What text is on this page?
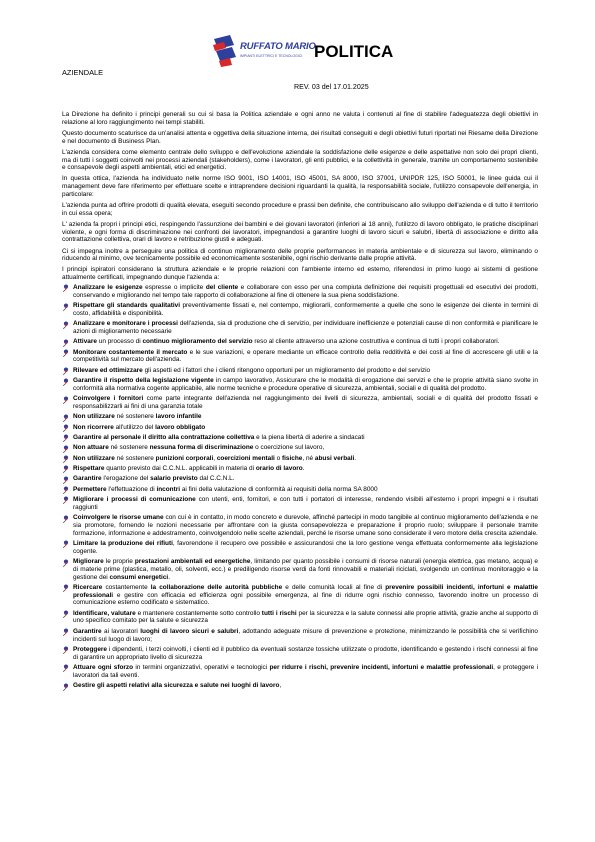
RUFFATO MARIO
IMPIANTI ELETTRICI E TECNOLOGICI POLITICA
AZIENDALE
REV. 03 del 17.01.2025

La Direzione ha definito i principi generali su cui si basa la Politica aziendale e ogni anno ne valuta i contenuti al fine di stabilire l'adeguatezza degli obiettivi in relazione al loro raggiungimento nei tempi stabiliti.

Questo documento scaturisce da un'analisi attenta e oggettiva della situazione interna, dei risultati conseguiti e degli obiettivi futuri riportati nei Riesame della Direzione e nel documento di Business Plan.

L'azienda considera come elemento centrale dello sviluppo e dell'evoluzione aziendale la soddisfazione delle esigenze e delle aspettative non solo dei propri clienti, ma di tutti i soggetti coinvolti nei processi aziendali (stakeholders), come i lavoratori, gli enti pubblici, e la collettività in generale, tramite un comportamento sostenibile e consapevole degli aspetti ambientali, etici ed energetici.

In questa ottica, l'azienda ha individuato nelle norme ISO 9001, ISO 14001, ISO 45001, SA 8000, ISO 37001, UNIPDR 125, ISO 50001, le linee guida cui il management deve fare riferimento per effettuare scelte e intraprendere decisioni riguardanti la qualità, la responsabilità sociale, l'utilizzo consapevole dell'energia, in particolare:

L'azienda punta ad offrire prodotti di qualità elevata, eseguiti secondo procedure e prassi ben definite, che contribuiscano allo sviluppo dell'azienda e di tutto il territorio in cui essa opera;

L' azienda fa propri i principi etici, respingendo l'assunzione dei bambini e dei giovani lavoratori (inferiori ai 18 anni), l'utilizzo di lavoro obbligato, le pratiche disciplinari violente, e ogni forma di discriminazione nei confronti dei lavoratori, impegnandosi a garantire luoghi di lavoro sicuri e salubri, libertà di associazione e diritto alla contrattazione collettiva, orari di lavoro e retribuzione giusti e adeguati.

Ci si impegna inoltre a perseguire una politica di continuo miglioramento delle proprie performances in materia ambientale e di sicurezza sul lavoro, eliminando o riducendo al minimo, ove tecnicamente possibile ed economicamente sostenibile, ogni rischio derivante dalle proprie attività.

I principi ispiratori considerano la struttura aziendale e le proprie relazioni con l'ambiente interno ed esterno, riferendosi in primo luogo ai sistemi di gestione attualmente certificati, impegnando dunque l'azienda a:

Analizzare le esigenze espresse o implicite del cliente e collaborare con esso per una compiuta definizione dei requisiti progettuali ed esecutivi dei prodotti, conservando e migliorando nel tempo tale rapporto di collaborazione al fine di ottenere la sua piena soddisfazione.
Rispettare gli standards qualitativi preventivamente fissati e, nel contempo, migliorarli, conformemente a quelle che sono le esigenze dei cliente in termini di costo, affidabilità e disponibilità.
Analizzare e monitorare i processi dell'azienda, sia di produzione che di servizio, per individuare inefficienze e potenziali cause di non conformità e pianificare le azioni di miglioramento necessarie
Attivare un processo di continuo miglioramento del servizio reso al cliente attraverso una azione costruttiva e continua di tutti i propri collaboratori.
Monitorare costantemente il mercato e le sue variazioni, e operare mediante un efficace controllo della redditività e dei costi al fine di accrescere gli utili e la competitività sul mercato dell'azienda.
Rilevare ed ottimizzare gli aspetti ed i fattori che i clienti ritengono opportuni per un miglioramento del prodotto e del servizio
Garantire il rispetto della legislazione vigente in campo lavorativo, Assicurare che le modalità di erogazione dei servizi e che le proprie attività siano svolte in conformità alla normativa cogente applicabile, alle norme tecniche e procedure operative di sicurezza, ambientali, sociali e di qualità del prodotto.
Coinvolgere i fornitori come parte integrante dell'azienda nel raggiungimento dei livelli di sicurezza, ambientali, sociali e di qualità del prodotto fissati e responsabilizzarli ai fini di una garanzia totale
Non utilizzare né sostenere lavoro infantile
Non ricorrere all'utilizzo del lavoro obbligato
Garantire al personale il diritto alla contrattazione collettiva e la piena libertà di aderire a sindacati
Non attuare né sostenere nessuna forma di discriminazione o coercizione sul lavoro,
Non utilizzare né sostenere punizioni corporali, coercizioni mentali o fisiche, né abusi verbali.
Rispettare quanto previsto dai C.C.N.L. applicabili in materia di orario di lavoro.
Garantire l'erogazione del salario previsto dal C.C.N.L.
Permettere l'effettuazione di incontri ai fini della valutazione di conformità ai requisiti della norma SA 8000
Migliorare i processi di comunicazione con utenti, enti, fornitori, e con tutti i portatori di interesse, rendendo visibili all'esterno i propri impegni e i risultati raggiunti
Coinvolgere le risorse umane con cui è in contatto, in modo concreto e durevole, affinché partecipi in modo tangibile al continuo miglioramento dell'azienda e ne sia promotore, fornendo le nozioni necessarie per affrontare con la giusta consapevolezza e preparazione il proprio ruolo; sviluppare il personale tramite formazione, informazione e addestramento, coinvolgendolo nelle scelte aziendali, perché le risorse umane sono considerate il vero motore della crescita aziendale.
Limitare la produzione dei rifiuti, favorendone il recupero ove possibile e assicurandosi che la loro gestione venga effettuata conformemente alla legislazione cogente.
Migliorare le proprie prestazioni ambientali ed energetiche, limitando per quanto possibile i consumi di risorse naturali (energia elettrica, gas metano, acqua) e di materie prime (plastica, metallo, oli, solventi, ecc.) e prediligendo risorse verdi da fonti rinnovabili e materiali riciclati, svolgendo un continuo monitoraggio e la gestione dei consumi energetici.
Ricercare costantemente la collaborazione delle autorità pubbliche e delle comunità locali al fine di prevenire possibili incidenti, infortuni e malattie professionali e gestire con efficacia ed efficienza ogni possibile emergenza, al fine di ridurre ogni rischio connesso, favorendo inoltre un processo di comunicazione esterno codificato e sistematico.
Identificare, valutare e mantenere costantemente sotto controllo tutti i rischi per la sicurezza e la salute connessi alle proprie attività, grazie anche al supporto di uno specifico comitato per la salute e sicurezza
Garantire ai lavoratori luoghi di lavoro sicuri e salubri, adottando adeguate misure di prevenzione e protezione, minimizzando le possibilità che si verifichino incidenti sul luogo di lavoro;
Proteggere i dipendenti, i terzi coinvolti, i clienti ed il pubblico da eventuali sostanze tossiche utilizzate o prodotte, identificando e gestendo i rischi connessi al fine di garantire un appropriato livello di sicurezza
Attuare ogni sforzo in termini organizzativi, operativi e tecnologici per ridurre i rischi, prevenire incidenti, infortuni e malattie professionali, e proteggere i lavoratori da tali eventi.
Gestire gli aspetti relativi alla sicurezza e salute nei luoghi di lavoro,
